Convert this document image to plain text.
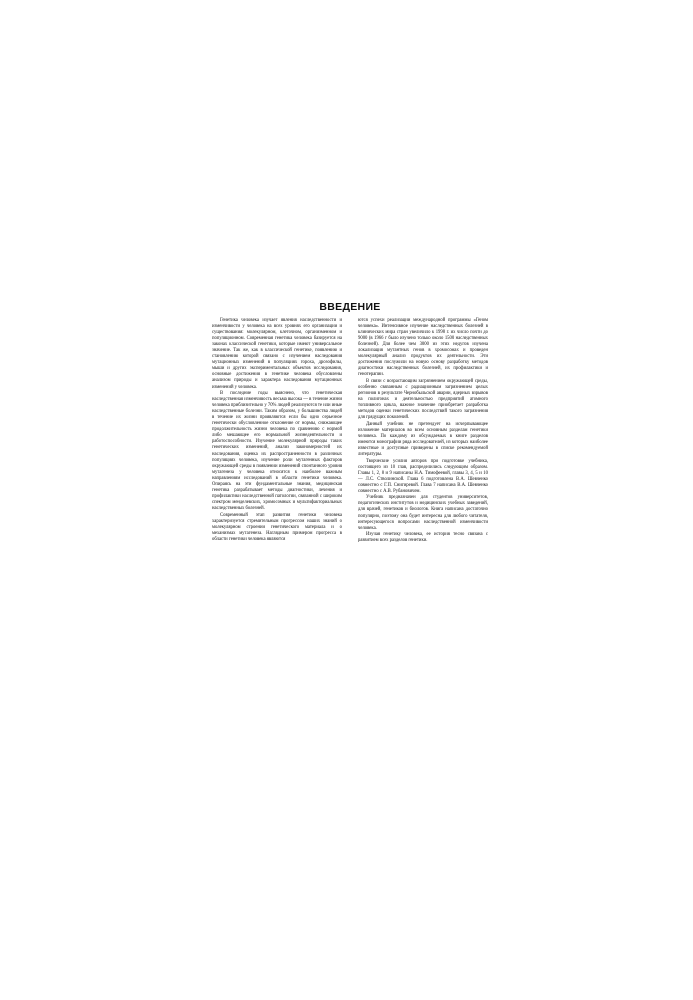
ВВЕДЕНИЕ

Генетика человека изучает явления наследственности и изменчивости у человека на всех уровнях его организации и существования: молекулярном, клеточном, организменном и популяционном. Современная генетика человека базируется на законах классической генетики, которые имеют универсальное значение. Так же, как в классической генетике, появлению и становлению которой связано с изучением наследования мутационных изменений в популяциях гороха, дрозофилы, мыши и других экспериментальных объектов исследования, основные достижения в генетике человека обусловлены анализом природы и характера наследования мутационных изменений у человека.

В последние годы выяснено, что генетическая наследственная изменчивость весьма высока — в течение жизни человека приблизительно у 70% людей реализуются те или иные наследственные болезни. Таким образом, у большинства людей в течение их жизни проявляются если бы одно серьезное генетически обусловленное отклонение от нормы, снижающее продолжительность жизни человека по сравнению с нормой либо мешающее его нормальной жизнедеятельности и работоспособности. Изучение молекулярной природы таких генетических изменений, анализ закономерностей их наследования, оценка их распространенности в различных популяциях человека, изучение роли мутагенных факторов окружающей среды в появлении изменений спонтанного уровня мутагенеза у человека относятся к наиболее важным направлениям исследований в области генетики человека. Опираясь на эти фундаментальные знания, медицинская генетика разрабатывает методы диагностики, лечения и профилактики наследственной патологии, связанной с широким спектром менделевских, хромосомных и мультифакториальных наследственных болезней.

Современный этап развития генетики человека характеризуется стремительным прогрессом наших знаний о молекулярном строении генетического материала и о механизмах мутагенеза. Наглядным примером прогресса в области генетики человека являются

ются успехи реализации международной программы «Геном человека». Интенсивное изучение наследственных болезней в клинических мира стран увеличило к 1998 г. их число почти до 9000 (в 1966 г было изучено только около 1500 наследственных болезней). Для более чем 3000 из этих недугов изучена локализация мутантных генов в хромосомах и проведен молекулярный анализ продуктов их деятельности. Эти достижения послужили на новую основу разработку методов диагностики наследственных болезней, их профилактики и генотерапии.

В связи с возрастающим загрязнением окружающей среды, особенно связанным с радиационным загрязнением целых регионов в результате Чернобыльской аварии, ядерных взрывов на полигонах и деятельностью предприятий атомного топливного цикла, важное значение приобретает разработка методов оценки генетических последствий такого загрязнения для грядущих поколений.

Данный учебник не претендует на исчерпывающее изложение материалов во всем основным разделам генетики человека. По каждому из обсуждаемых в книге разделов имеются монографии ряда исследователей, из которых наиболее известные и доступные приведены в списке рекомендуемой литературы.

Творческие усилия авторов при подготовке учебника, состоящего из 10 глав, распределились следующим образом. Главы 1, 2, 8 и 9 написаны Н.А. Тимофеевой, главы 3, 4, 5 и 10 — Л.С. Стволинской. Глава 6 подготовлена В.А. Шевченко совместно с Г.П. Снигиревой. Глава 7 написана В.А. Шевченко совместно с А.В. Рубановичем.

Учебник предназначен для студентов университетов, педагогических институтов и медицинских учебных заведений, для врачей, генетиков и биологов. Книга написана достаточно популярно, поэтому она будет интересна для любого читателя, интересующегося вопросами наследственной изменчивости человека.

Изучая генетику человека, ее история тесно связана с развитием всех разделов генетики.
